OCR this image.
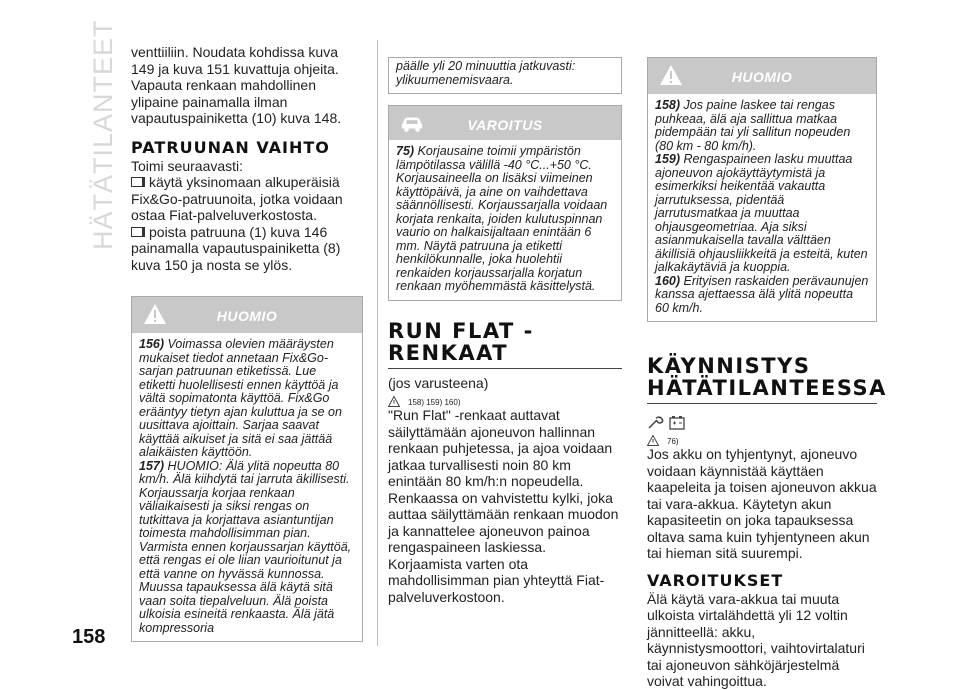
HÄTÄTILANTEET
158

venttiiliin. Noudata kohdissa kuva 149 ja kuva 151 kuvattuja ohjeita.

Vapauta renkaan mahdollinen ylipaine painamalla ilman vapautuspainiketta (10) kuva 148.

PATRUUNAN VAIHTO

Toimi seuraavasti:

käytä yksinomaan alkuperäisiä Fix&Go-patruunoita, jotka voidaan ostaa Fiat-palveluverkostosta.

poista patruuna (1) kuva 146 painamalla vapautuspainiketta (8) kuva 150 ja nosta se ylös.

HUOMIO

156) Voimassa olevien määräysten mukaiset tiedot annetaan Fix&Go-sarjan patruunan etiketissä. Lue etiketti huolellisesti ennen käyttöä ja vältä sopimatonta käyttöä. Fix&Go erääntyy tietyn ajan kuluttua ja se on uusittava ajoittain. Sarjaa saavat käyttää aikuiset ja sitä ei saa jättää alaikäisten käyttöön.

157) HUOMIO: Älä ylitä nopeutta 80 km/h. Älä kiihdytä tai jarruta äkillisesti. Korjaussarja korjaa renkaan väliaikaisesti ja siksi rengas on tutkittava ja korjattava asiantuntijan toimesta mahdollisimman pian. Varmista ennen korjaussarjan käyttöä, että rengas ei ole liian vaurioitunut ja että vanne on hyvässä kunnossa. Muussa tapauksessa älä käytä sitä vaan soita tiepalveluun. Älä poista ulkoisia esineitä renkaasta. Älä jätä kompressoria

päälle yli 20 minuuttia jatkuvasti: ylikuumenemisvaara.
VAROITUS

75) Korjausaine toimii ympäristön lämpötilassa välillä -40 °C...+50 °C. Korjausaineella on lisäksi viimeinen käyttöpäivä, ja aine on vaihdettava säännöllisesti. Korjaussarjalla voidaan korjata renkaita, joiden kulutuspinnan vaurio on halkaisijaltaan enintään 6 mm. Näytä patruuna ja etiketti henkilökunnalle, joka huolehtii renkaiden korjaussarjalla korjatun renkaan myöhemmästä käsittelystä.

RUN FLAT -RENKAAT

(jos varusteena)

158) 159) 160)

"Run Flat" -renkaat auttavat säilyttämään ajoneuvon hallinnan renkaan puhjetessa, ja ajoa voidaan jatkaa turvallisesti noin 80 km enintään 80 km/h:n nopeudella.

Renkaassa on vahvistettu kylki, joka auttaa säilyttämään renkaan muodon ja kannattelee ajoneuvon painoa rengaspaineen laskiessa.

Korjaamista varten ota mahdollisimman pian yhteyttä Fiat-palveluverkostoon.

HUOMIO

158) Jos paine laskee tai rengas puhkeaa, älä aja sallittua matkaa pidempään tai yli sallitun nopeuden (80 km - 80 km/h).

159) Rengaspaineen lasku muuttaa ajoneuvon ajokäyttäytymistä ja esimerkiksi heikentää vakautta jarrutuksessa, pidentää jarrutusmatkaa ja muuttaa ohjausgeometriaa. Aja siksi asianmukaisella tavalla välttäen äkillisiä ohjausliikkeitä ja esteitä, kuten jalkakäytäviä ja kuoppia.

160) Erityisen raskaiden perävaunujen kanssa ajettaessa älä ylitä nopeutta 60 km/h.

KÄYNNISTYS
HÄTÄTILANTEESSA
76)

Jos akku on tyhjentynyt, ajoneuvo voidaan käynnistää käyttäen kaapeleita ja toisen ajoneuvon akkua tai vara-akkua. Käytetyn akun kapasiteetin on joka tapauksessa oltava sama kuin tyhjentyneen akun tai hieman sitä suurempi.

VAROITUKSET

Älä käytä vara-akkua tai muuta ulkoista virtalähdettä yli 12 voltin jännitteellä: akku, käynnistysmoottori, vaihtovirtalaturi tai ajoneuvon sähköjärjestelmä voivat vahingoittua.
